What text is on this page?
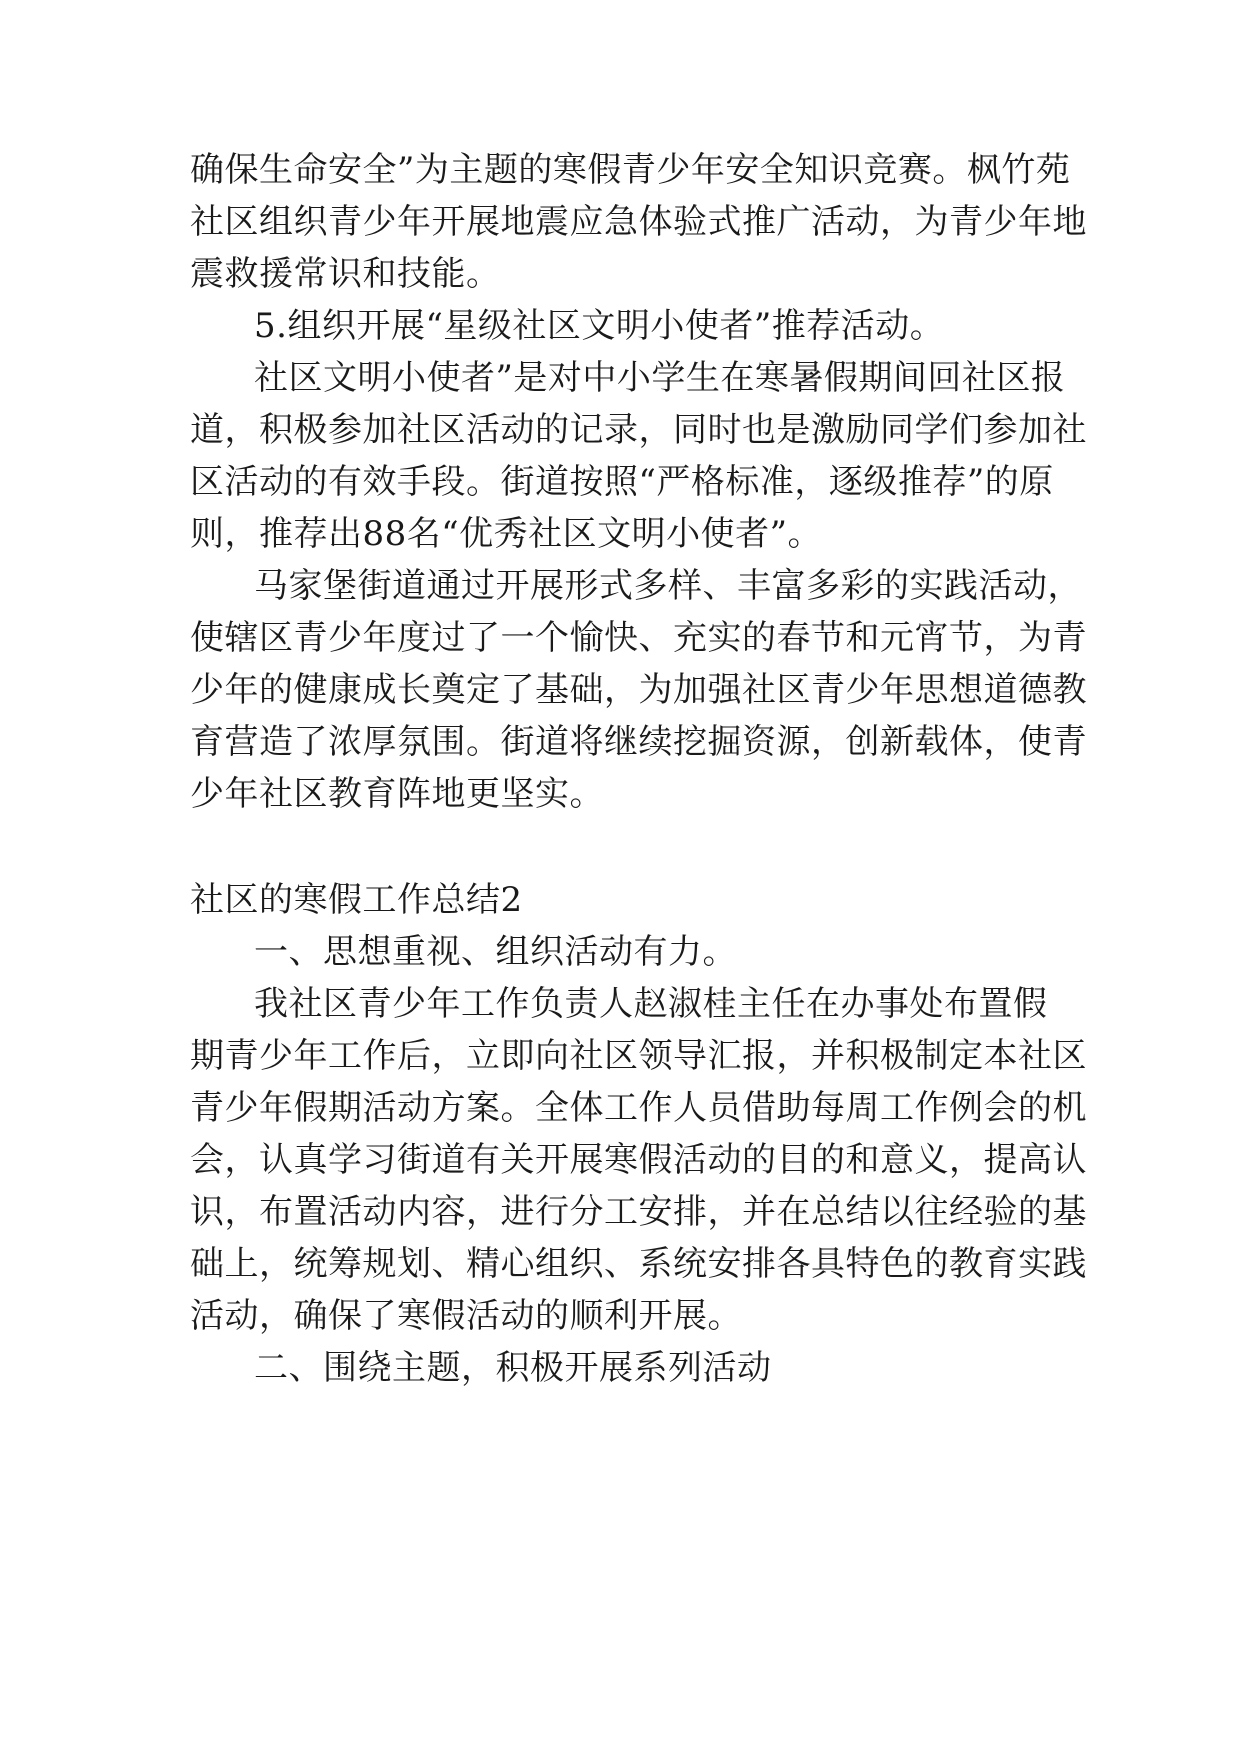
确保生命安全”为主题的寒假青少年安全知识竞赛。枫竹苑
社区组织青少年开展地震应急体验式推广活动，为青少年地
震救援常识和技能。
5.组织开展“星级社区文明小使者”推荐活动。
社区文明小使者”是对中小学生在寒暑假期间回社区报
道，积极参加社区活动的记录，同时也是激励同学们参加社
区活动的有效手段。街道按照“严格标准，逐级推荐”的原
则，推荐出88名“优秀社区文明小使者”。
马家堡街道通过开展形式多样、丰富多彩的实践活动，
使辖区青少年度过了一个愉快、充实的春节和元宵节，为青
少年的健康成长奠定了基础，为加强社区青少年思想道德教
育营造了浓厚氛围。街道将继续挖掘资源，创新载体，使青
少年社区教育阵地更坚实。
社区的寒假工作总结2
一、思想重视、组织活动有力。
我社区青少年工作负责人赵淑桂主任在办事处布置假
期青少年工作后，立即向社区领导汇报，并积极制定本社区
青少年假期活动方案。全体工作人员借助每周工作例会的机
会，认真学习街道有关开展寒假活动的目的和意义，提高认
识，布置活动内容，进行分工安排，并在总结以往经验的基
础上，统筹规划、精心组织、系统安排各具特色的教育实践
活动，确保了寒假活动的顺利开展。
二、围绕主题，积极开展系列活动
